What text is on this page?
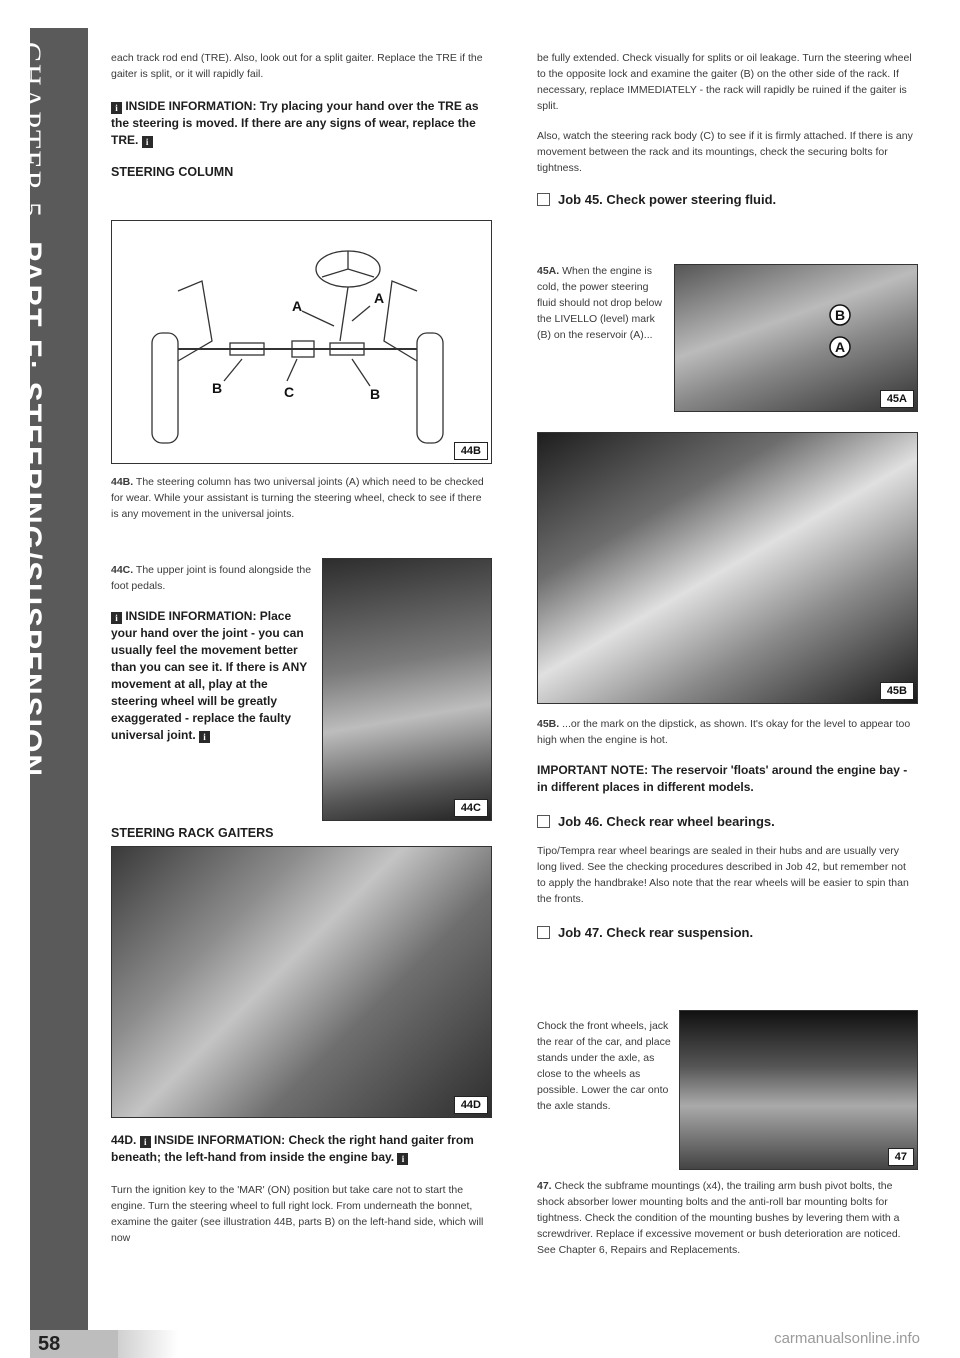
CHAPTER 5PART F: STEERING/SUSPENSION
58	carmanualsonline.info

each track rod end (TRE). Also, look out for a split gaiter. Replace the TRE if the gaiter is split, or it will rapidly fail.

i INSIDE INFORMATION: Try placing your hand over the TRE as the steering is moved. If there are any signs of wear, replace the TRE. i

STEERING COLUMN

A	A
B	C	B
44B

44B. The steering column has two universal joints (A) which need to be checked for wear. While your assistant is turning the steering wheel, check to see if there is any movement in the universal joints.

44C. The upper joint is found alongside the foot pedals.

i INSIDE INFORMATION: Place your hand over the joint - you can usually feel the movement better than you can see it. If there is ANY movement at all, play at the steering wheel will be greatly exaggerated - replace the faulty universal joint. i

44C

STEERING RACK GAITERS

44D

44D. i INSIDE INFORMATION: Check the right hand gaiter from beneath; the left-hand from inside the engine bay. i

Turn the ignition key to the 'MAR' (ON) position but take care not to start the engine. Turn the steering wheel to full right lock. From underneath the bonnet, examine the gaiter (see illustration 44B, parts B) on the left-hand side, which will now

be fully extended. Check visually for splits or oil leakage. Turn the steering wheel to the opposite lock and examine the gaiter (B) on the other side of the rack. If necessary, replace IMMEDIATELY - the rack will rapidly be ruined if the gaiter is split.

Also, watch the steering rack body (C) to see if it is firmly attached. If there is any movement between the rack and its mountings, check the securing bolts for tightness.

Job 45. Check power steering fluid.

45A. When the engine is cold, the power steering fluid should not drop below the LIVELLO (level) mark (B) on the reservoir (A)...

B
A
45A
45B

45B. ...or the mark on the dipstick, as shown. It's okay for the level to appear too high when the engine is hot.

IMPORTANT NOTE: The reservoir 'floats' around the engine bay - in different places in different models.

Job 46. Check rear wheel bearings.

Tipo/Tempra rear wheel bearings are sealed in their hubs and are usually very long lived. See the checking procedures described in Job 42, but remember not to apply the handbrake! Also note that the rear wheels will be easier to spin than the fronts.

Job 47. Check rear suspension.

Chock the front wheels, jack the rear of the car, and place stands under the axle, as close to the wheels as possible. Lower the car onto the axle stands.

47

47. Check the subframe mountings (x4), the trailing arm bush pivot bolts, the shock absorber lower mounting bolts and the anti-roll bar mounting bolts for tightness. Check the condition of the mounting bushes by levering them with a screwdriver. Replace if excessive movement or bush deterioration are noticed. See Chapter 6, Repairs and Replacements.
